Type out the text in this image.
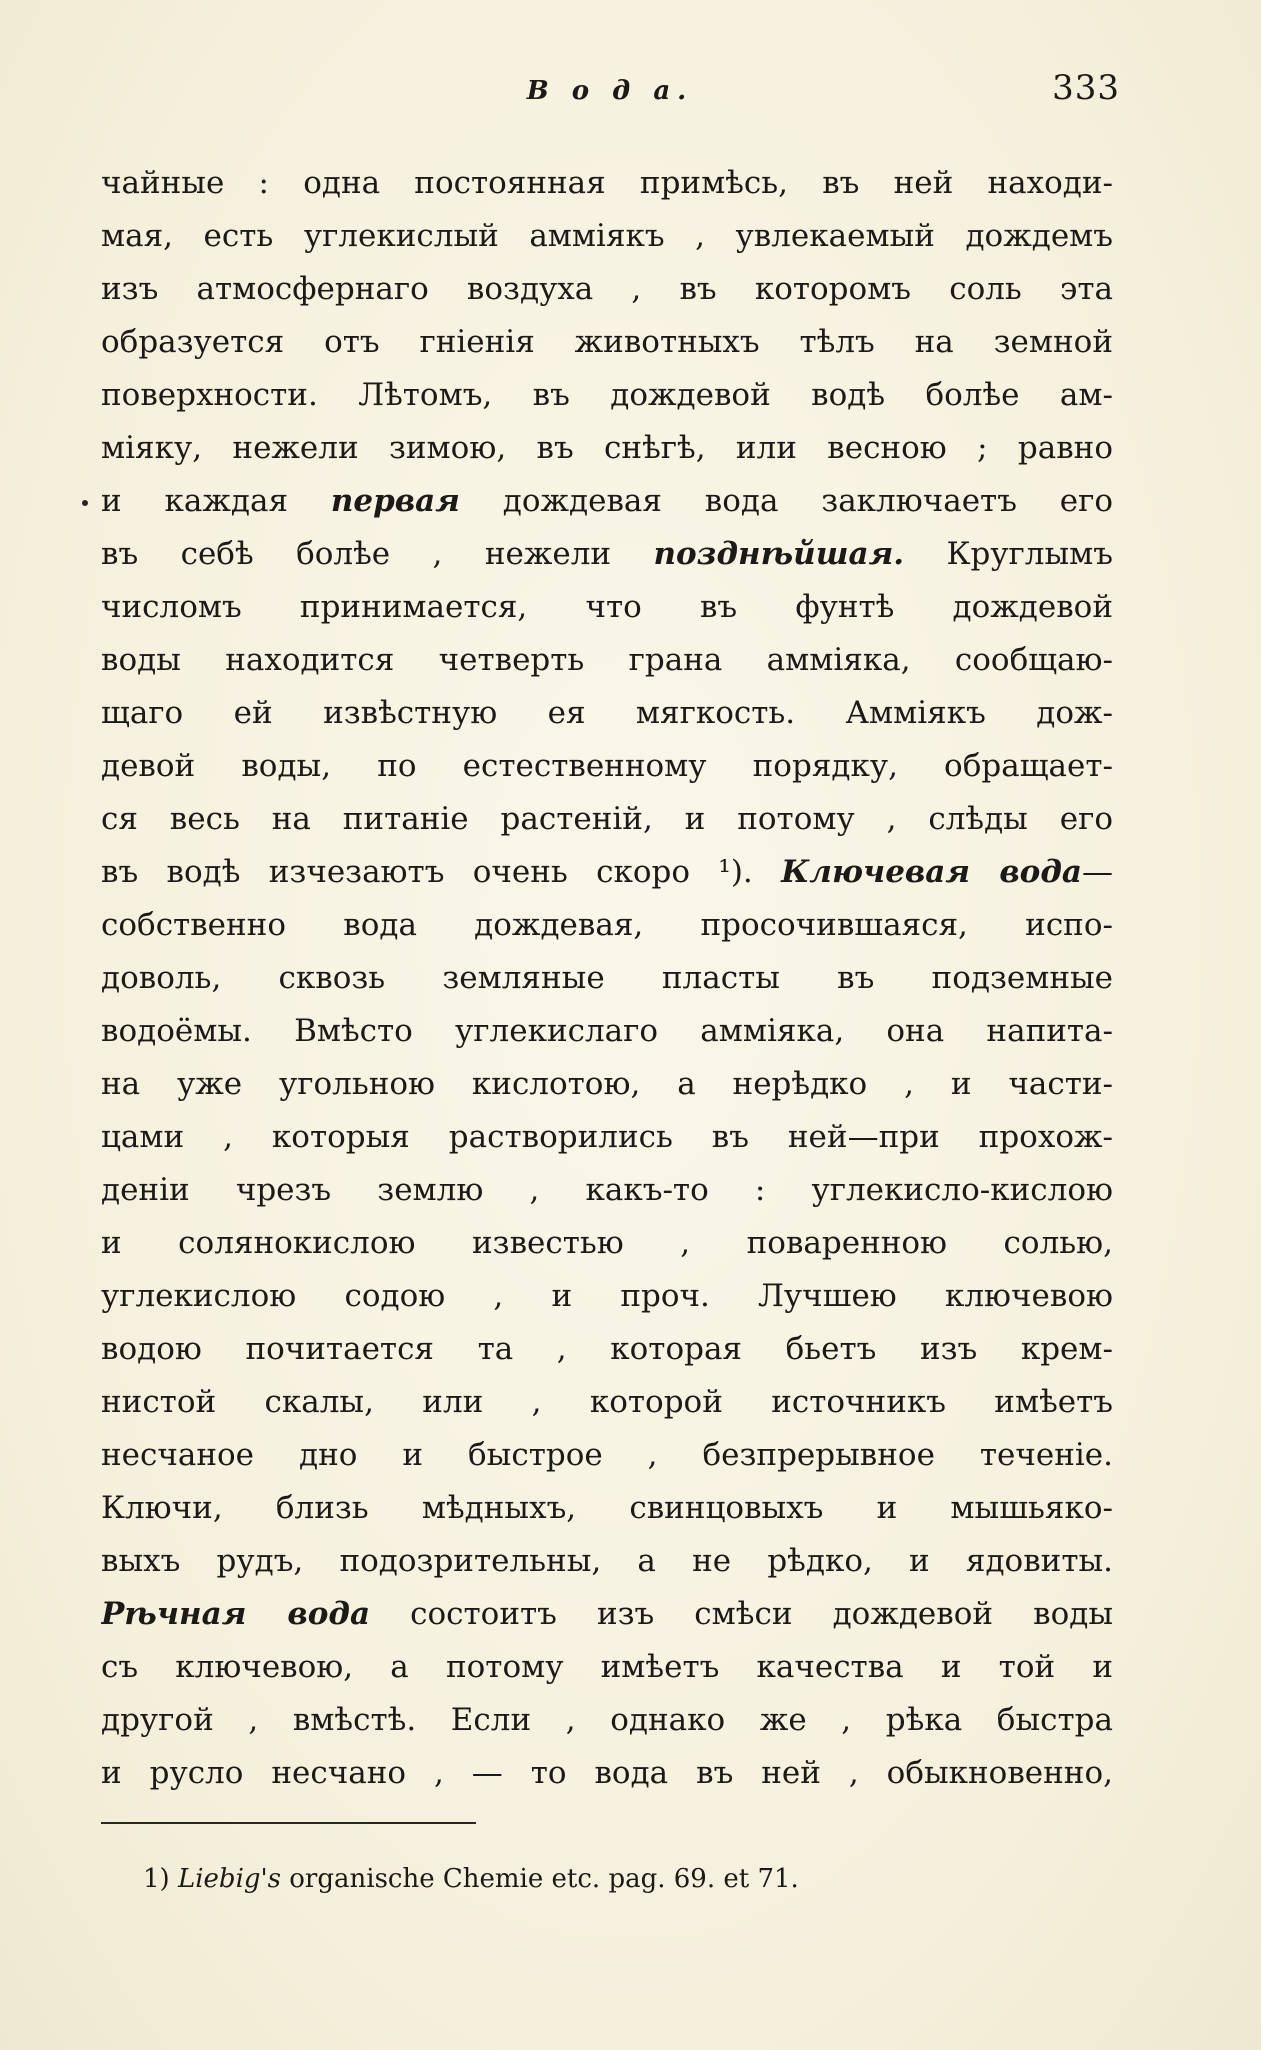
В о д а.	333
чайные : одна постоянная примѣсь, въ ней находи-
мая, есть углекислый амміякъ , увлекаемый дождемъ
изъ атмосфернаго воздуха , въ которомъ соль эта
образуется отъ гніенія животныхъ тѣлъ на земной
поверхности. Лѣтомъ, въ дождевой водѣ болѣе ам-
міяку, нежели зимою, въ снѣгѣ, или весною ; равно
и каждая первая дождевая вода заключаетъ его
въ себѣ болѣе , нежели позднѣйшая. Круглымъ
числомъ принимается, что въ фунтѣ дождевой
воды находится четверть грана амміяка, сообщаю-
щаго ей извѣстную ея мягкость. Амміякъ дож-
девой воды, по естественному порядку, обращает-
ся весь на питаніе растеній, и потому , слѣды его
въ водѣ изчезаютъ очень скоро ¹). Ключевая вода—
собственно вода дождевая, просочившаяся, испо-
доволь, сквозь земляные пласты въ подземные
водоёмы. Вмѣсто углекислаго амміяка, она напита-
на уже угольною кислотою, а нерѣдко , и части-
цами , которыя растворились въ ней—при прохож-
деніи чрезъ землю , какъ-то : углекисло-кислою
и солянокислою известью , поваренною солью,
углекислою содою , и проч. Лучшею ключевою
водою почитается та , которая бьетъ изъ крем-
нистой скалы, или , которой источникъ имѣетъ
несчаное дно и быстрое , безпрерывное теченіе.
Ключи, близь мѣдныхъ, свинцовыхъ и мышьяко-
выхъ рудъ, подозрительны, а не рѣдко, и ядовиты.
Рѣчная вода состоитъ изъ смѣси дождевой воды
съ ключевою, а потому имѣетъ качества и той и
другой , вмѣстѣ. Если , однако же , рѣка быстра
и русло несчано , — то вода въ ней , обыкновенно,
1) Liebig's organische Chemie etc. pag. 69. et 71.
